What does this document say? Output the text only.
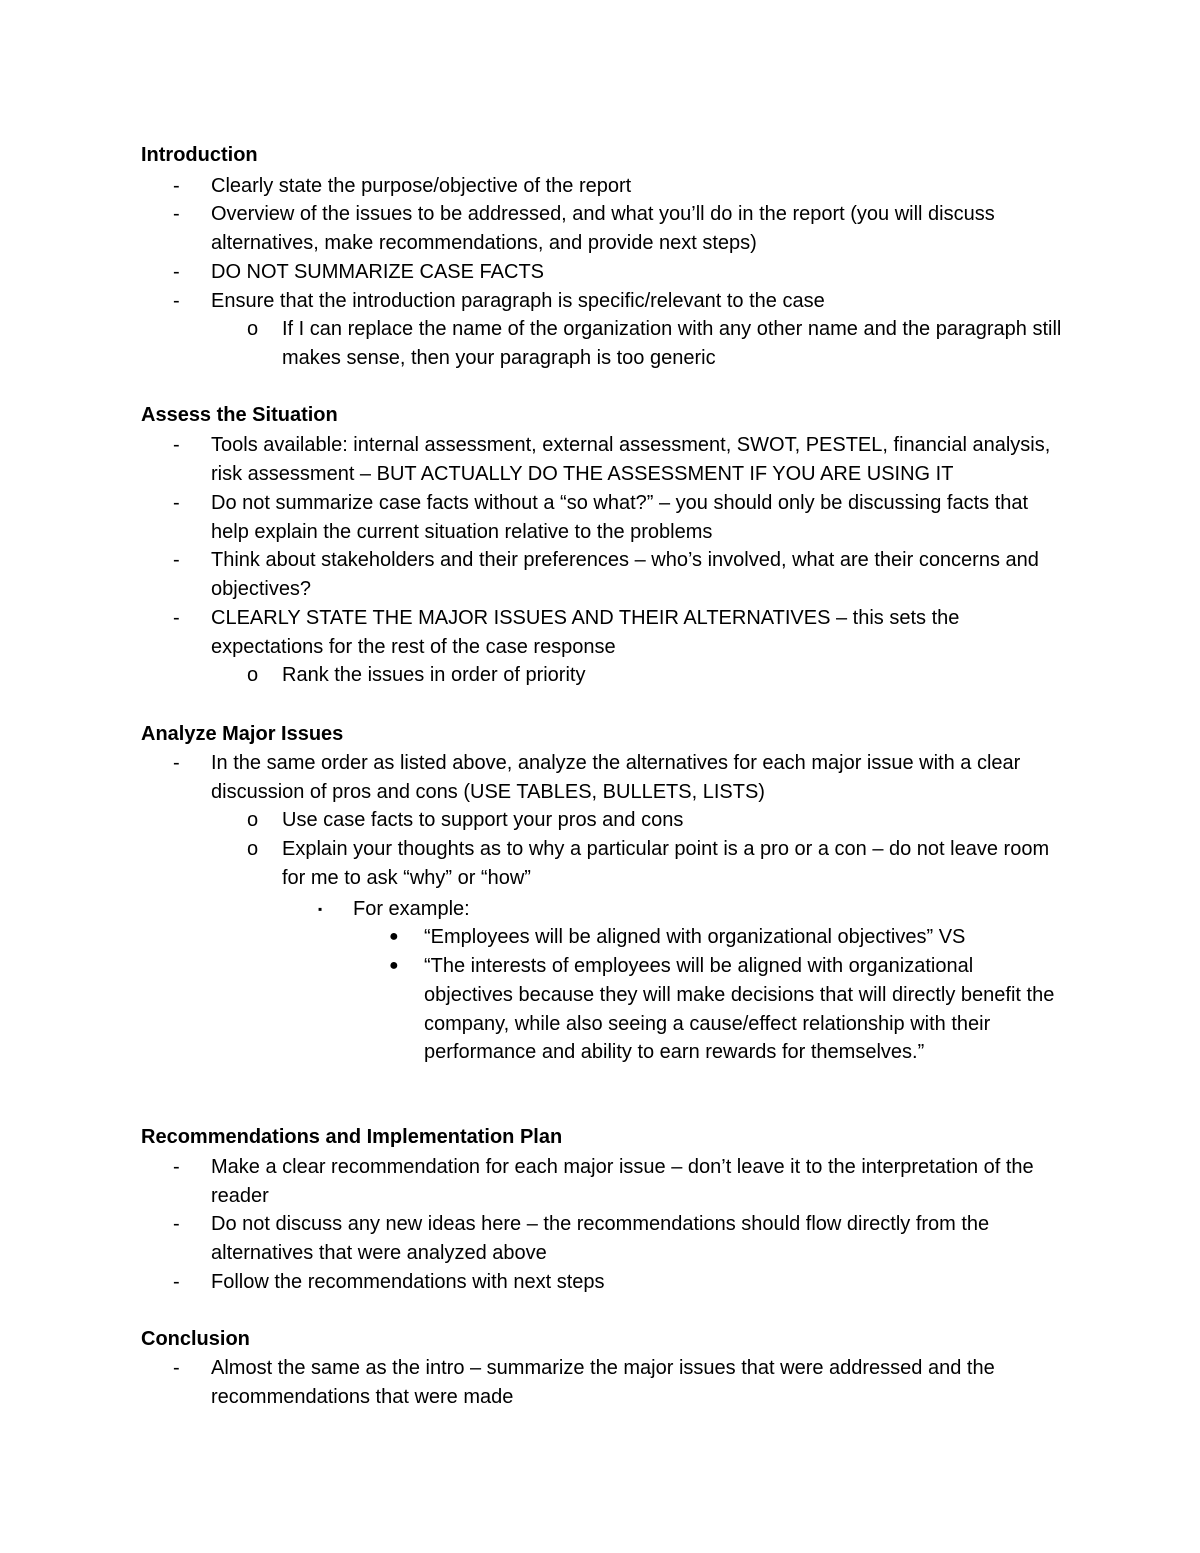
Introduction
- Clearly state the purpose/objective of the report
- Overview of the issues to be addressed, and what you’ll do in the report (you will discuss alternatives, make recommendations, and provide next steps)
- DO NOT SUMMARIZE CASE FACTS
- Ensure that the introduction paragraph is specific/relevant to the case
o If I can replace the name of the organization with any other name and the paragraph still makes sense, then your paragraph is too generic
Assess the Situation
- Tools available: internal assessment, external assessment, SWOT, PESTEL, financial analysis, risk assessment – BUT ACTUALLY DO THE ASSESSMENT IF YOU ARE USING IT
- Do not summarize case facts without a “so what?” – you should only be discussing facts that help explain the current situation relative to the problems
- Think about stakeholders and their preferences – who’s involved, what are their concerns and objectives?
- CLEARLY STATE THE MAJOR ISSUES AND THEIR ALTERNATIVES – this sets the expectations for the rest of the case response
o Rank the issues in order of priority
Analyze Major Issues
- In the same order as listed above, analyze the alternatives for each major issue with a clear discussion of pros and cons (USE TABLES, BULLETS, LISTS)
o Use case facts to support your pros and cons
o Explain your thoughts as to why a particular point is a pro or a con – do not leave room for me to ask “why” or “how”
▪ For example:
● “Employees will be aligned with organizational objectives” VS
● “The interests of employees will be aligned with organizational objectives because they will make decisions that will directly benefit the company, while also seeing a cause/effect relationship with their performance and ability to earn rewards for themselves.”
Recommendations and Implementation Plan
- Make a clear recommendation for each major issue – don’t leave it to the interpretation of the reader
- Do not discuss any new ideas here – the recommendations should flow directly from the alternatives that were analyzed above
- Follow the recommendations with next steps
Conclusion
- Almost the same as the intro – summarize the major issues that were addressed and the recommendations that were made
